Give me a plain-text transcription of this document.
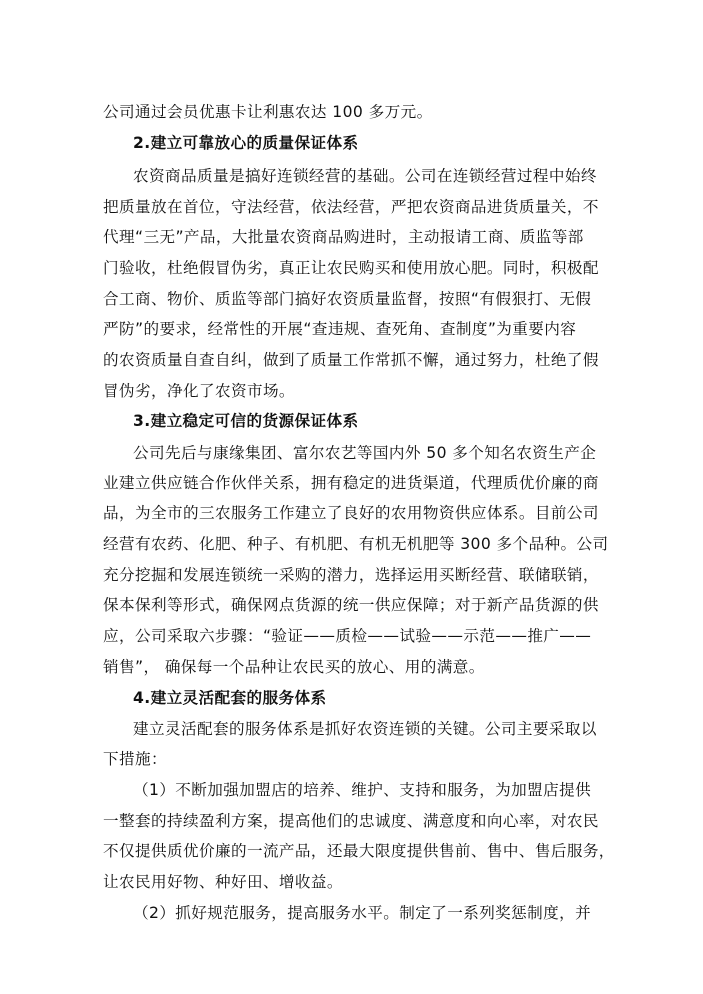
公司通过会员优惠卡让利惠农达 100 多万元。
2.建立可靠放心的质量保证体系
农资商品质量是搞好连锁经营的基础。公司在连锁经营过程中始终
把质量放在首位，守法经营，依法经营，严把农资商品进货质量关，不
代理“三无”产品，大批量农资商品购进时，主动报请工商、质监等部
门验收，杜绝假冒伪劣，真正让农民购买和使用放心肥。同时，积极配
合工商、物价、质监等部门搞好农资质量监督，按照“有假狠打、无假
严防”的要求，经常性的开展“查违规、查死角、查制度”为重要内容
的农资质量自查自纠，做到了质量工作常抓不懈，通过努力，杜绝了假
冒伪劣，净化了农资市场。
3.建立稳定可信的货源保证体系
公司先后与康缘集团、富尔农艺等国内外 50 多个知名农资生产企
业建立供应链合作伙伴关系，拥有稳定的进货渠道，代理质优价廉的商
品，为全市的三农服务工作建立了良好的农用物资供应体系。目前公司
经营有农药、化肥、种子、有机肥、有机无机肥等 300 多个品种。公司
充分挖掘和发展连锁统一采购的潜力，选择运用买断经营、联储联销，
保本保利等形式，确保网点货源的统一供应保障；对于新产品货源的供
应，公司采取六步骤：“验证——质检——试验——示范——推广——
销售”， 确保每一个品种让农民买的放心、用的满意。
4.建立灵活配套的服务体系
建立灵活配套的服务体系是抓好农资连锁的关键。公司主要采取以
下措施：
（1）不断加强加盟店的培养、维护、支持和服务，为加盟店提供
一整套的持续盈利方案，提高他们的忠诚度、满意度和向心率，对农民
不仅提供质优价廉的一流产品，还最大限度提供售前、售中、售后服务，
让农民用好物、种好田、增收益。
（2）抓好规范服务，提高服务水平。制定了一系列奖惩制度，并
